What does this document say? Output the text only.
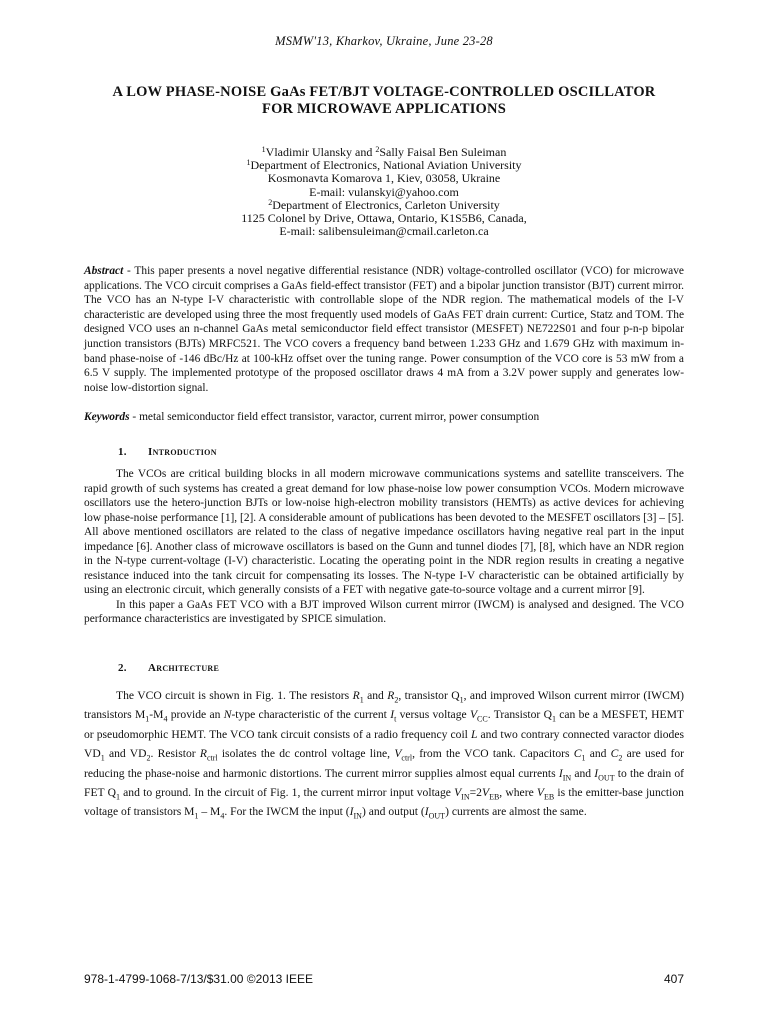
MSMW'13, Kharkov, Ukraine, June 23-28
A LOW PHASE-NOISE GaAs FET/BJT VOLTAGE-CONTROLLED OSCILLATOR
FOR MICROWAVE APPLICATIONS
$^1$Vladimir Ulansky and $^2$Sally Faisal Ben Suleiman
$^1$Department of Electronics, National Aviation University
Kosmonavta Komarova 1, Kiev, 03058, Ukraine
E-mail: vulanskyi@yahoo.com
$^2$Department of Electronics, Carleton University
1125 Colonel by Drive, Ottawa, Ontario, K1S5B6, Canada,
E-mail: salibensuleiman@cmail.carleton.ca
Abstract - This paper presents a novel negative differential resistance (NDR) voltage-controlled oscillator (VCO) for microwave applications. The VCO circuit comprises a GaAs field-effect transistor (FET) and a bipolar junction transistor (BJT) current mirror. The VCO has an N-type I-V characteristic with controllable slope of the NDR region. The mathematical models of the I-V characteristic are developed using three the most frequently used models of GaAs FET drain current: Curtice, Statz and TOM. The designed VCO uses an n-channel GaAs metal semiconductor field effect transistor (MESFET) NE722S01 and four p-n-p bipolar junction transistors (BJTs) MRFC521. The VCO covers a frequency band between 1.233 GHz and 1.679 GHz with maximum in-band phase-noise of -146 dBc/Hz at 100-kHz offset over the tuning range. Power consumption of the VCO core is 53 mW from a 6.5 V supply. The implemented prototype of the proposed oscillator draws 4 mA from a 3.2V power supply and generates low-noise low-distortion signal.
Keywords - metal semiconductor field effect transistor, varactor, current mirror, power consumption
1. Introduction

The VCOs are critical building blocks in all modern microwave communications systems and satellite transceivers. The rapid growth of such systems has created a great demand for low phase-noise low power consumption VCOs. Modern microwave oscillators use the hetero-junction BJTs or low-noise high-electron mobility transistors (HEMTs) as active devices for achieving low phase-noise performance [1], [2]. A considerable amount of publications has been devoted to the MESFET oscillators [3] – [5]. All above mentioned oscillators are related to the class of negative impedance oscillators having negative real part in the input impedance [6]. Another class of microwave oscillators is based on the Gunn and tunnel diodes [7], [8], which have an NDR region in the N-type current-voltage (I-V) characteristic. Locating the operating point in the NDR region results in creating a negative resistance induced into the tank circuit for compensating its losses. The N-type I-V characteristic can be obtained artificially by using an electronic circuit, which generally consists of a FET with negative gate-to-source voltage and a current mirror [9].

In this paper a GaAs FET VCO with a BJT improved Wilson current mirror (IWCM) is analysed and designed. The VCO performance characteristics are investigated by SPICE simulation.

2. Architecture

The VCO circuit is shown in Fig. 1. The resistors $R_1$ and $R_2$, transistor $Q_1$, and improved Wilson current mirror (IWCM) transistors $M_1-M_4$ provide an N-type characteristic of the current $I_t$ versus voltage $V_{CC}$. Transistor $Q_1$ can be a MESFET, HEMT or pseudomorphic HEMT. The VCO tank circuit consists of a radio frequency coil L and two contrary connected varactor diodes $VD_1$ and $VD_2$. Resistor $R_{ctrl}$ isolates the dc control voltage line, $V_{ctrl}$, from the VCO tank. Capacitors $C_1$ and $C_2$ are used for reducing the phase-noise and harmonic distortions. The current mirror supplies almost equal currents $I_{IN}$ and $I_{OUT}$ to the drain of FET $Q_1$ and to ground. In the circuit of Fig. 1, the current mirror input voltage $V_{IN}=2V_{EB}$, where $V_{EB}$ is the emitter-base junction voltage of transistors $M_1 - M_4$. For the IWCM the input $(I_{IN})$ and output $(I_{OUT})$ currents are almost the same.

978-1-4799-1068-7/13/$31.00 ©2013 IEEE	407
